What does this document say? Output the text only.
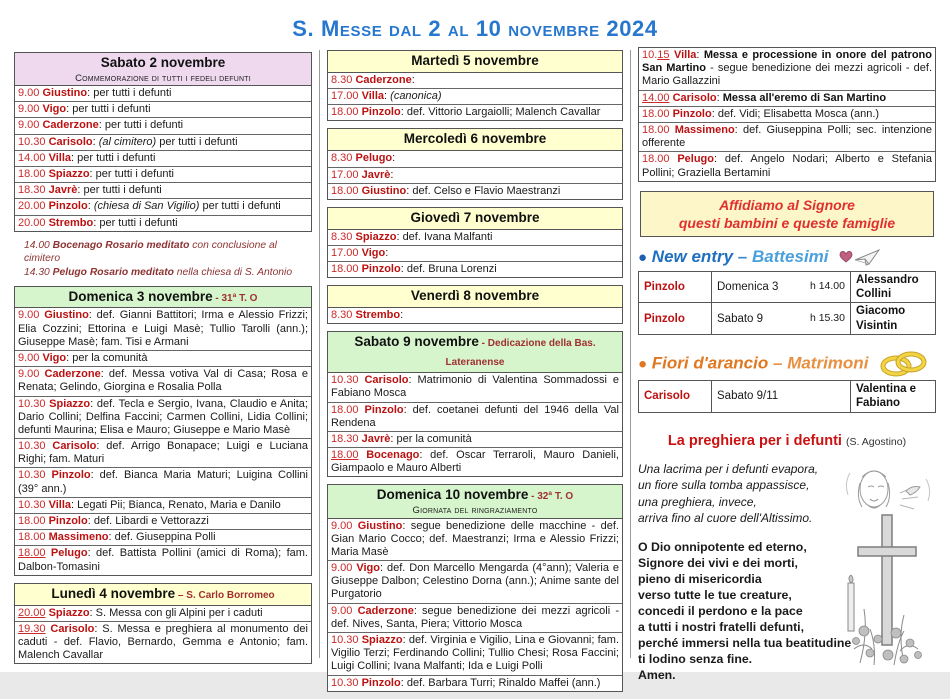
S. Messe dal 2 al 10 novembre 2024
Sabato 2 novembre
Commemorazione di tutti i fedeli defunti
9.00 Giustino: per tutti i defunti
9.00 Vigo: per tutti i defunti
9.00 Caderzone: per tutti i defunti
10.30 Carisolo: (al cimitero) per tutti i defunti
14.00 Villa: per tutti i defunti
18.00 Spiazzo: per tutti i defunti
18.30 Javrè: per tutti i defunti
20.00 Pinzolo: (chiesa di San Vigilio) per tutti i defunti
20.00 Strembo: per tutti i defunti
14.00 Bocenago Rosario meditato con conclusione al cimitero
14.30 Pelugo Rosario meditato nella chiesa di S. Antonio
Domenica 3 novembre - 31ª T. O
9.00 Giustino: def. Gianni Battitori; Irma e Alessio Frizzi; Elia Cozzini; Ettorina e Luigi Masè; Tullio Tarolli (ann.); Giuseppe Masè; fam. Tisi e Armani
9.00 Vigo: per la comunità
9.00 Caderzone: def. Messa votiva Val di Casa; Rosa e Renata; Gelindo, Giorgina e Rosalia Polla
10.30 Spiazzo: def. Tecla e Sergio, Ivana, Claudio e Anita; Dario Collini; Delfina Faccini; Carmen Collini, Lidia Collini; defunti Maurina; Elisa e Mauro; Giuseppe e Mario Masè
10.30 Carisolo: def. Arrigo Bonapace; Luigi e Luciana Righi; fam. Maturi
10.30 Pinzolo: def. Bianca Maria Maturi; Luigina Collini (39° ann.)
10.30 Villa: Legati Pii; Bianca, Renato, Maria e Danilo
18.00 Pinzolo: def. Libardi e Vettorazzi
18.00 Massimeno: def. Giuseppina Polli
18.00 Pelugo: def. Battista Pollini (amici di Roma); fam. Dalbon-Tomasini
Lunedì 4 novembre – S. Carlo Borromeo
20.00 Spiazzo: S. Messa con gli Alpini per i caduti
19.30 Carisolo: S. Messa e preghiera al monumento dei caduti - def. Flavio, Bernardo, Gemma e Antonio; fam. Malench Cavallar
Martedì 5 novembre
8.30 Caderzone:
17.00 Villa: (canonica)
18.00 Pinzolo: def. Vittorio Largaiolli; Malench Cavallar
Mercoledì 6 novembre
8.30 Pelugo:
17.00 Javrè:
18.00 Giustino: def. Celso e Flavio Maestranzi
Giovedì 7 novembre
8.30 Spiazzo: def. Ivana Malfanti
17.00 Vigo:
18.00 Pinzolo: def. Bruna Lorenzi
Venerdì 8 novembre
8.30 Strembo:
Sabato 9 novembre - Dedicazione della Bas. Lateranense
10.30 Carisolo: Matrimonio di Valentina Sommadossi e Fabiano Mosca
18.00 Pinzolo: def. coetanei defunti del 1946 della Val Rendena
18.30 Javrè: per la comunità
18.00 Bocenago: def. Oscar Terraroli, Mauro Danieli, Giampaolo e Mauro Alberti
Domenica 10 novembre - 32ª T. O
Giornata del ringraziamento
9.00 Giustino: segue benedizione delle macchine - def. Gian Mario Cocco; def. Maestranzi; Irma e Alessio Frizzi; Maria Masè
9.00 Vigo: def. Don Marcello Mengarda (4°ann); Valeria e Giuseppe Dalbon; Celestino Dorna (ann.); Anime sante del Purgatorio
9.00 Caderzone: segue benedizione dei mezzi agricoli - def. Nives, Santa, Piera; Vittorio Mosca
10.30 Spiazzo: def. Virginia e Vigilio, Lina e Giovanni; fam. Vigilio Terzi; Ferdinando Collini; Tullio Chesi; Rosa Faccini; Luigi Collini; Ivana Malfanti; Ida e Luigi Polli
10.30 Pinzolo: def. Barbara Turri; Rinaldo Maffei (ann.)
10.15 Villa: Messa e processione in onore del patrono San Martino - segue benedizione dei mezzi agricoli - def. Mario Gallazzini
14.00 Carisolo: Messa all'eremo di San Martino
18.00 Pinzolo: def. Vidi; Elisabetta Mosca (ann.)
18.00 Massimeno: def. Giuseppina Polli; sec. intenzione offerente
18.00 Pelugo: def. Angelo Nodari; Alberto e Stefania Pollini; Graziella Bertamini
Affidiamo al Signore
questi bambini e queste famiglie
● New entry – Battesimi
Pinzolo	Domenica 3 h 14.00	Alessandro Collini
Pinzolo	Sabato 9 h 15.30	Giacomo Visintin
● Fiori d'arancio – Matrimoni
Carisolo	Sabato 9/11	Valentina e Fabiano
La preghiera per i defunti (S. Agostino)
Una lacrima per i defunti evapora,
un fiore sulla tomba appassisce,
una preghiera, invece,
arriva fino al cuore dell'Altissimo.
O Dio onnipotente ed eterno,
Signore dei vivi e dei morti,
pieno di misericordia
verso tutte le tue creature,
concedi il perdono e la pace
a tutti i nostri fratelli defunti,
perché immersi nella tua beatitudine
ti lodino senza fine.
Amen.
